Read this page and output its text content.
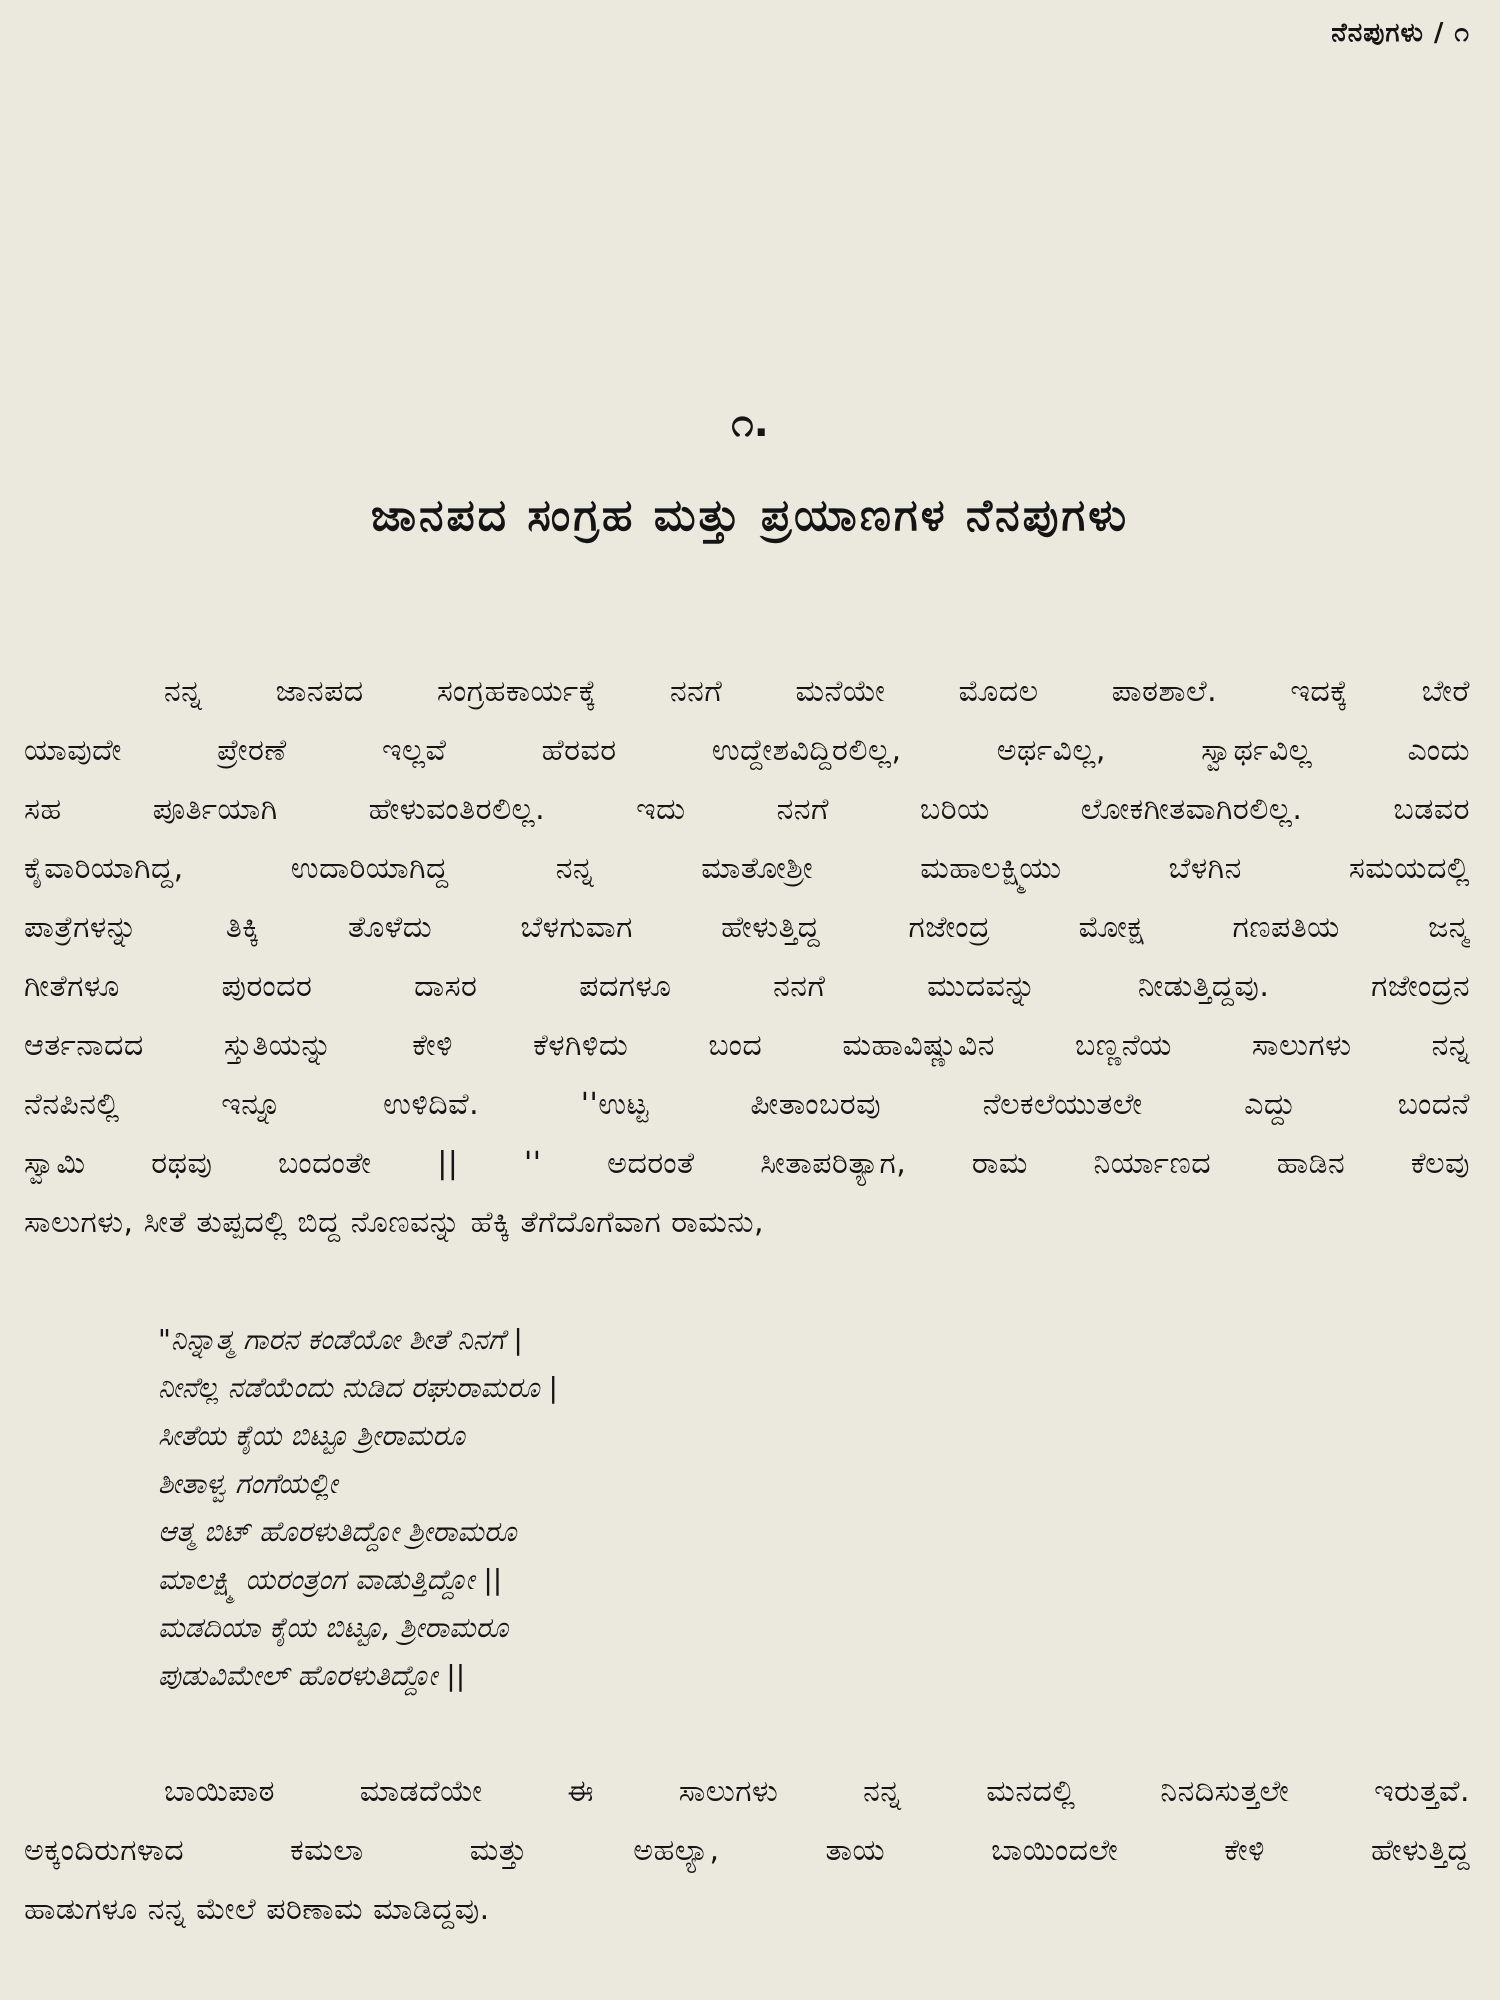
ನೆನಪುಗಳು / ೧
೧.
ಜಾನಪದ ಸಂಗ್ರಹ ಮತ್ತು ಪ್ರಯಾಣಗಳ ನೆನಪುಗಳು
ನನ್ನ ಜಾನಪದ ಸಂಗ್ರಹಕಾರ್ಯಕ್ಕೆ ನನಗೆ ಮನೆಯೇ ಮೊದಲ ಪಾಠಶಾಲೆ. ಇದಕ್ಕೆ ಬೇರೆ
ಯಾವುದೇ ಪ್ರೇರಣೆ ಇಲ್ಲವೆ ಹೆರವರ ಉದ್ದೇಶವಿದ್ದಿರಲಿಲ್ಲ, ಅರ್ಥವಿಲ್ಲ, ಸ್ವಾರ್ಥವಿಲ್ಲ ಎಂದು
ಸಹ ಪೂರ್ತಿಯಾಗಿ ಹೇಳುವಂತಿರಲಿಲ್ಲ. ಇದು ನನಗೆ ಬರಿಯ ಲೋಕಗೀತವಾಗಿರಲಿಲ್ಲ. ಬಡವರ
ಕೈವಾರಿಯಾಗಿದ್ದ, ಉದಾರಿಯಾಗಿದ್ದ ನನ್ನ ಮಾತೋಶ್ರೀ ಮಹಾಲಕ್ಷ್ಮಿಯು ಬೆಳಗಿನ ಸಮಯದಲ್ಲಿ
ಪಾತ್ರೆಗಳನ್ನು ತಿಕ್ಕಿ ತೊಳೆದು ಬೆಳಗುವಾಗ ಹೇಳುತ್ತಿದ್ದ ಗಜೇಂದ್ರ ಮೋಕ್ಷ ಗಣಪತಿಯ ಜನ್ಮ
ಗೀತೆಗಳೂ ಪುರಂದರ ದಾಸರ ಪದಗಳೂ ನನಗೆ ಮುದವನ್ನು ನೀಡುತ್ತಿದ್ದವು. ಗಜೇಂದ್ರನ
ಆರ್ತನಾದದ ಸ್ತುತಿಯನ್ನು ಕೇಳಿ ಕೆಳಗಿಳಿದು ಬಂದ ಮಹಾವಿಷ್ಣುವಿನ ಬಣ್ಣನೆಯ ಸಾಲುಗಳು ನನ್ನ
ನೆನಪಿನಲ್ಲಿ ಇನ್ನೂ ಉಳಿದಿವೆ. ''ಉಟ್ಟ ಪೀತಾಂಬರವು ನೆಲಕಲೆಯುತಲೇ ಎದ್ದು ಬಂದನೆ
ಸ್ವಾಮಿ ರಥವು ಬಂದಂತೇ || '' ಅದರಂತೆ ಸೀತಾಪರಿತ್ಯಾಗ, ರಾಮ ನಿರ್ಯಾಣದ ಹಾಡಿನ ಕೆಲವು
ಸಾಲುಗಳು, ಸೀತೆ ತುಪ್ಪದಲ್ಲಿ ಬಿದ್ದ ನೊಣವನ್ನು ಹೆಕ್ಕಿ ತೆಗೆದೊಗೆವಾಗ ರಾಮನು,
"ನಿನ್ನಾತ್ಮ ಗಾರನ ಕಂಡೆಯೋ ಶೀತೆ ನಿನಗೆ |
ನೀನೆಲ್ಲ ನಡೆಯೆಂದು ನುಡಿದ ರಘುರಾಮರೂ |
ಸೀತೆಯ ಕೈಯ ಬಿಟ್ಟೂ ಶ್ರೀರಾಮರೂ
ಶೀತಾಳ್ವ ಗಂಗೆಯಲ್ಲೀ
ಆತ್ಮ ಬಿಟ್ ಹೊರಳುತಿದ್ದೋ ಶ್ರೀರಾಮರೂ
ಮಾಲಕ್ಷ್ಮಿ ಯರಂತ್ರಂಗ ವಾಡುತ್ತಿದ್ದೋ ||
ಮಡದಿಯಾ ಕೈಯ ಬಿಟ್ಟೂ, ಶ್ರೀರಾಮರೂ
ಪುಡುವಿಮೇಲ್ ಹೊರಳುತಿದ್ದೋ ||
ಬಾಯಿಪಾಠ ಮಾಡದೆಯೇ ಈ ಸಾಲುಗಳು ನನ್ನ ಮನದಲ್ಲಿ ನಿನದಿಸುತ್ತಲೇ ಇರುತ್ತವೆ.
ಅಕ್ಕಂದಿರುಗಳಾದ ಕಮಲಾ ಮತ್ತು ಅಹಲ್ಯಾ, ತಾಯ ಬಾಯಿಂದಲೇ ಕೇಳಿ ಹೇಳುತ್ತಿದ್ದ
ಹಾಡುಗಳೂ ನನ್ನ ಮೇಲೆ ಪರಿಣಾಮ ಮಾಡಿದ್ದವು.
